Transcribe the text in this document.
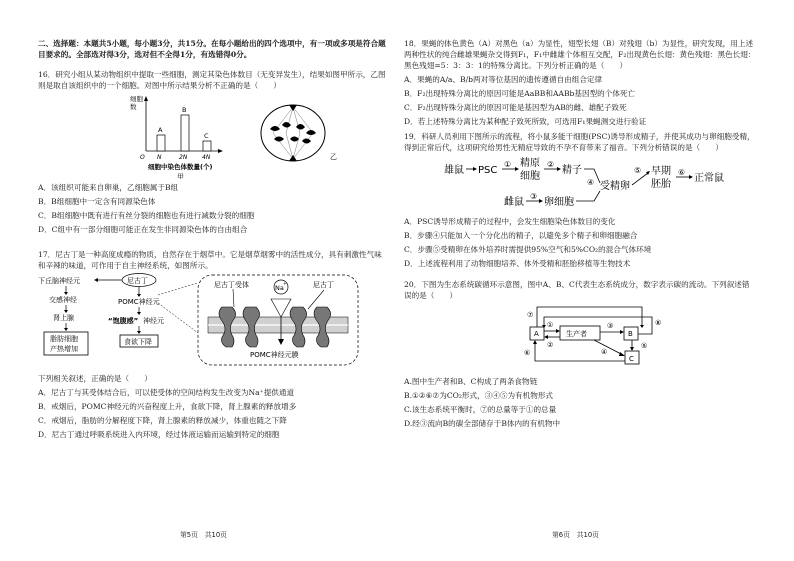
二、选择题：本题共5小题，每小题3分，共15分。在每小题给出的四个选项中，有一项或多项是符合题目要求的。全部选对得3分，选对但不全得1分，有选错得0分。
16．研究小组从某动物组织中提取一些细胞，测定其染色体数目（无变异发生），结果如图甲所示，乙图则是取自该组织中的一个细胞。对图中所示结果分析不正确的是（　　）
细胞
数
A
B
C
O N	2N 4N
细胞中染色体数量(个)
甲
乙
A．该组织可能来自卵巢，乙细胞属于B组
B．B组细胞中一定含有同源染色体
C．B组细胞中既有进行有丝分裂的细胞也有进行减数分裂的细胞
D．C组中有一部分细胞可能正在发生非同源染色体的自由组合
17．尼古丁是一种高度成瘾的物质，自然存在于烟草中。它是烟草烟雾中的活性成分，具有刺激性气味和辛辣的味道，可作用于自主神经系统，如图所示。
下丘脑神经元
交感神经
肾上腺
脂肪细胞
产热增加
尼古丁
POMC神经元
“饱腹感” 神经元
食欲下降
尼古丁受体	Na +	尼古丁
POMC神经元膜
下列相关叙述，正确的是（　　）
A．尼古丁与其受体结合后，可以使受体的空间结构发生改变为Na⁺提供通道
B．戒烟后，POMC神经元的兴奋程度上升，食欲下降，肾上腺素的释放增多
C．戒烟后，脂肪的分解程度下降，肾上腺素的释放减少，体重也随之下降
D．尼古丁通过呼吸系统进入内环境，经过体液运输而运输到特定的细胞
第5页　共10页
18．果蝇的体色黄色（A）对黑色（a）为显性，翅型长翅（B）对残翅（b）为显性，研究发现，用上述两种性状的纯合雌雄果蝇杂交得到F₁，F₁中雌雄个体相互交配，F₂出现黄色长翅：黄色残翅：黑色长翅：黑色残翅=5：3：3：1的特殊分离比。下列分析正确的是（　　）
A．果蝇的A/a、B/b两对等位基因的遗传遵循自由组合定律
B．F₂出现特殊分离比的原因可能是AaBB和AABb基因型的个体死亡
C．F₂出现特殊分离比的原因可能是基因型为AB的雌、雄配子致死
D．若上述特殊分离比为某种配子致死所致，可选用F₁果蝇测交进行验证
19．科研人员利用下图所示的流程，将小鼠多能干细胞(PSC)诱导形成精子，并使其成功与卵细胞受精，得到正常后代，这项研究给男性无精症导致的不孕不育带来了福音。下列分析错误的是（　　）
雄鼠 PSC
① 精原
细胞
②
精子
④ 受精卵
⑤ 早期
胚胎
⑥
正常鼠
雌鼠
③
卵细胞
A．PSC诱导形成精子的过程中，会发生细胞染色体数目的变化
B．步骤④只能加入一个分化出的精子，以避免多个精子和卵细胞融合
C．步骤⑤受精卵在体外培养时需提供95%空气和5%CO₂的混合气体环境
D．上述流程利用了动物细胞培养、体外受精和胚胎移植等生物技术
20．下图为生态系统碳循环示意图，图中A、B、C代表生态系统成分，数字表示碳的流动。下列叙述错误的是（　　）
A	生产者	B
C
⑦
①
②
③
④
⑤
⑥
⑧
A.图中生产者和B、C构成了两条食物链
B.①②⑥⑦为CO₂形式，③④⑤为有机物形式
C.该生态系统平衡时，⑦的总量等于①的总量
D.经③流向B的碳全部储存于B体内的有机物中
第6页　共10页
